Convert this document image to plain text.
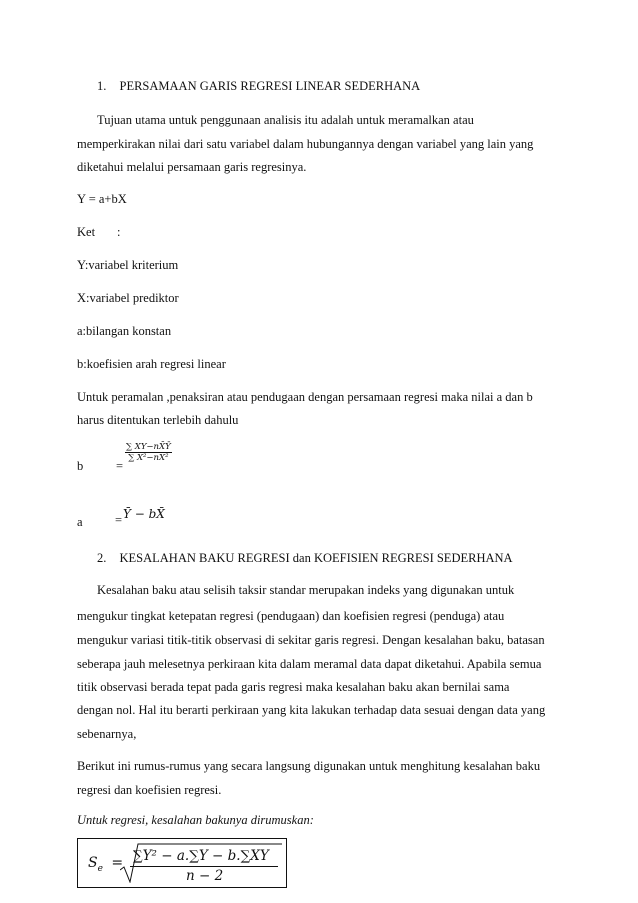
1. PERSAMAAN GARIS REGRESI LINEAR SEDERHANA
Tujuan utama untuk penggunaan analisis itu adalah untuk meramalkan atau
memperkirakan nilai dari satu variabel dalam hubungannya dengan variabel yang lain yang
diketahui melalui persamaan garis regresinya.
Y = a+bX
Ket :
Y:variabel kriterium
X:variabel prediktor
a:bilangan konstan
b:koefisien arah regresi linear
Untuk peramalan ,penaksiran atau pendugaan dengan persamaan regresi maka nilai a dan b
harus ditentukan terlebih dahulu
b	=
∑ XY−nX̄Ȳ
∑ X²−nX̄²
a	= Ȳ − bX̄
2. KESALAHAN BAKU REGRESI dan KOEFISIEN REGRESI SEDERHANA
Kesalahan baku atau selisih taksir standar merupakan indeks yang digunakan untuk
mengukur tingkat ketepatan regresi (pendugaan) dan koefisien regresi (penduga) atau
mengukur variasi titik-titik observasi di sekitar garis regresi. Dengan kesalahan baku, batasan
seberapa jauh melesetnya perkiraan kita dalam meramal data dapat diketahui. Apabila semua
titik observasi berada tepat pada garis regresi maka kesalahan baku akan bernilai sama
dengan nol. Hal itu berarti perkiraan yang kita lakukan terhadap data sesuai dengan data yang
sebenarnya,
Berikut ini rumus-rumus yang secara langsung digunakan untuk menghitung kesalahan baku
regresi dan koefisien regresi.
Untuk regresi, kesalahan bakunya dirumuskan:
$S_e = \sum Y^2 - a.\sum Y - b.\sum XY$
n − 2
